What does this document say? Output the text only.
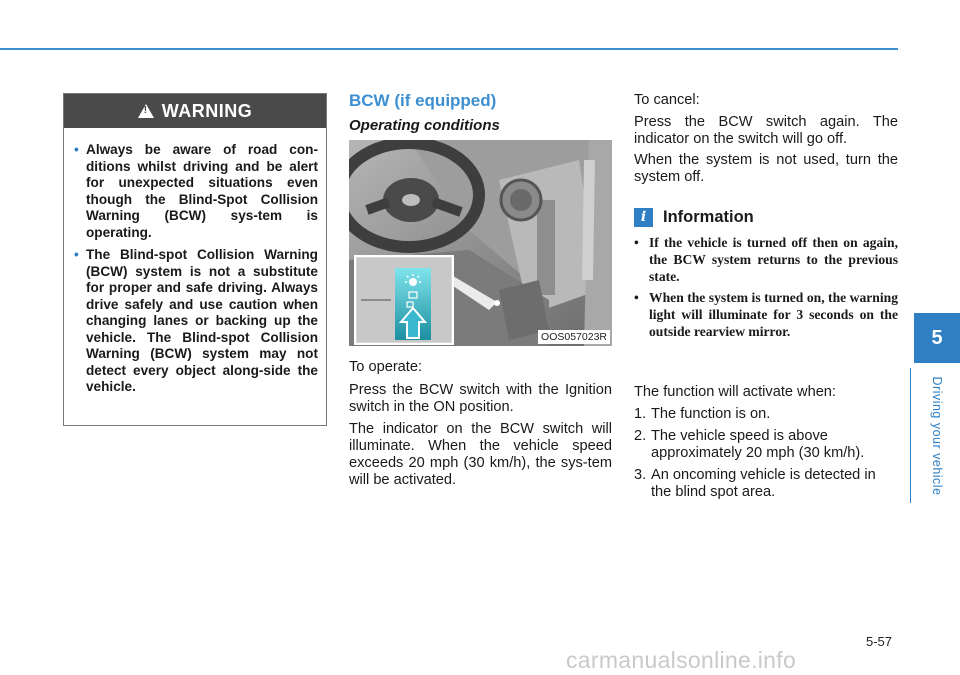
!
WARNING
• Always be aware of road con-ditions whilst driving and be alert for unexpected situations even though the Blind-Spot Collision Warning (BCW) sys-tem is operating.
• The Blind-spot Collision Warning (BCW) system is not a substitute for proper and safe driving. Always drive safely and use caution when changing lanes or backing up the vehicle. The Blind-spot Collision Warning (BCW) system may not detect every object along-side the vehicle.
BCW (if equipped)
Operating conditions
OOS057023R
To operate:
Press the BCW switch with the Ignition switch in the ON position.
The indicator on the BCW switch will illuminate. When the vehicle speed exceeds 20 mph (30 km/h), the sys-tem will be activated.
To cancel:
Press the BCW switch again. The indicator on the switch will go off.
When the system is not used, turn the system off.
i	Information
• If the vehicle is turned off then on again, the BCW system returns to the previous state.
• When the system is turned on, the warning light will illuminate for 3 seconds on the outside rearview mirror.
The function will activate when:
1. The function is on.
2. The vehicle speed is above approximately 20 mph (30 km/h).
3. An oncoming vehicle is detected in the blind spot area.
5
Driving your vehicle
5-57
carmanualsonline.info
